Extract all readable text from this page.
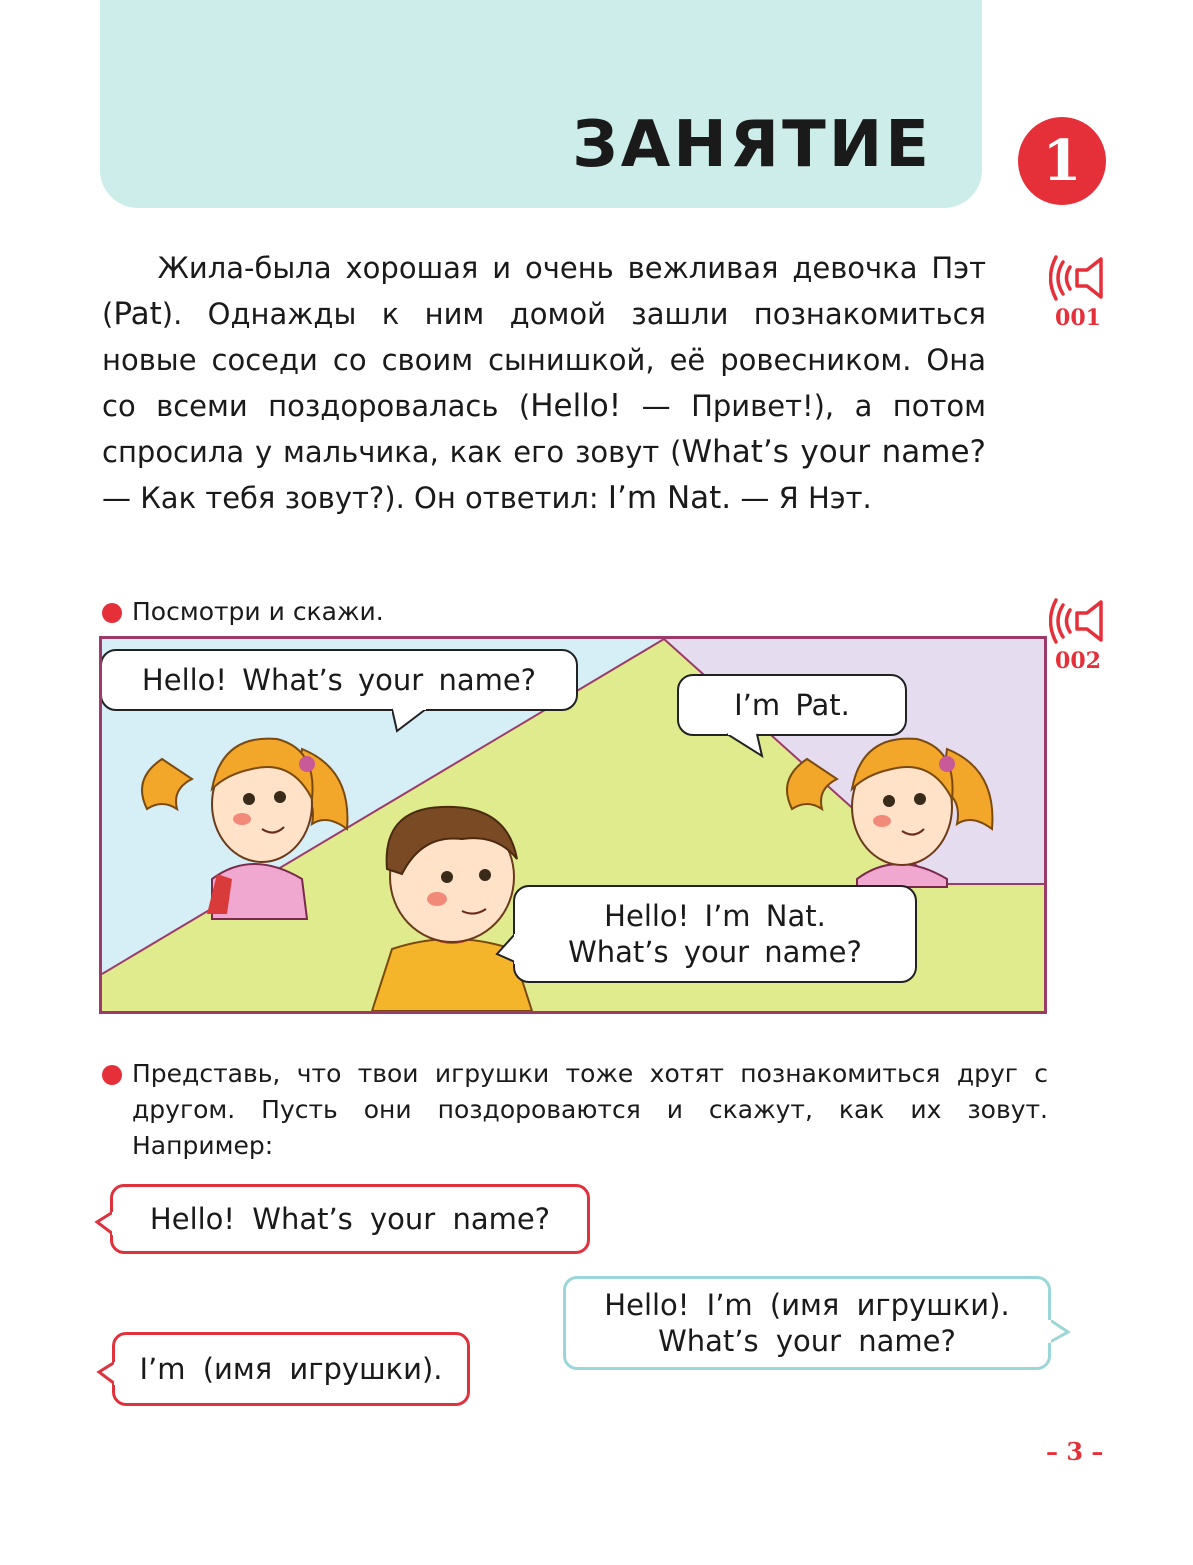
ЗАНЯТИЕ	1
001
002

Жила-была хорошая и очень вежливая девочка Пэт (Pat). Однажды к ним домой зашли познакомиться новые соседи со своим сынишкой, её ровесником. Она со всеми поздоровалась (Hello! — Привет!), а потом спросила у мальчика, как его зовут (What’s your name? — Как тебя зовут?). Он ответил: I’m Nat. — Я Нэт.

Посмотри и скажи.
Hello! What’s your name?
I’m Pat.
Hello! I’m Nat.
What’s your name?
Представь, что твои игрушки тоже хотят познакомиться друг с другом. Пусть они поздороваются и скажут, как их зовут. Например:
Hello! What’s your name?
Hello! I’m (имя игрушки).
What’s your name?
I’m (имя игрушки).
– 3 –
